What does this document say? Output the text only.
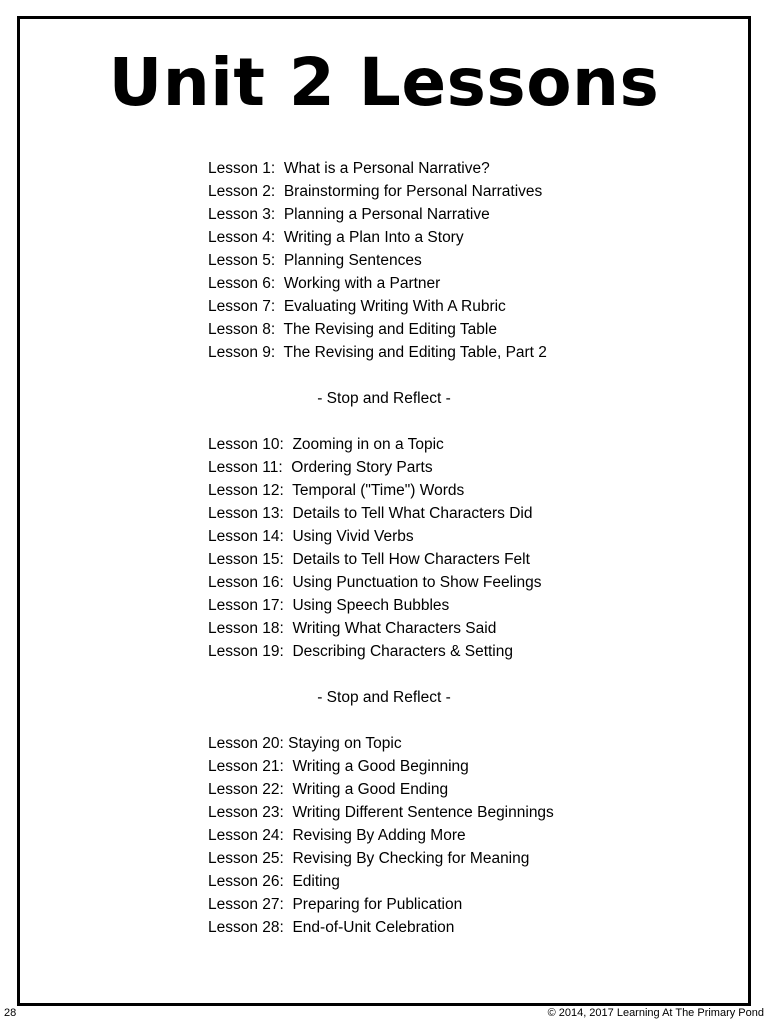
Unit 2 Lessons
Lesson 1:  What is a Personal Narrative?
Lesson 2:  Brainstorming for Personal Narratives
Lesson 3:  Planning a Personal Narrative
Lesson 4:  Writing a Plan Into a Story
Lesson 5:  Planning Sentences
Lesson 6:  Working with a Partner
Lesson 7:  Evaluating Writing With A Rubric
Lesson 8:  The Revising and Editing Table
Lesson 9:  The Revising and Editing Table, Part 2
- Stop and Reflect -
Lesson 10:  Zooming in on a Topic
Lesson 11:  Ordering Story Parts
Lesson 12:  Temporal ("Time") Words
Lesson 13:  Details to Tell What Characters Did
Lesson 14:  Using Vivid Verbs
Lesson 15:  Details to Tell How Characters Felt
Lesson 16:  Using Punctuation to Show Feelings
Lesson 17:  Using Speech Bubbles
Lesson 18:  Writing What Characters Said
Lesson 19:  Describing Characters & Setting
- Stop and Reflect -
Lesson 20: Staying on Topic
Lesson 21:  Writing a Good Beginning
Lesson 22:  Writing a Good Ending
Lesson 23:  Writing Different Sentence Beginnings
Lesson 24:  Revising By Adding More
Lesson 25:  Revising By Checking for Meaning
Lesson 26:  Editing
Lesson 27:  Preparing for Publication
Lesson 28:  End-of-Unit Celebration
28	© 2014, 2017 Learning At The Primary Pond
